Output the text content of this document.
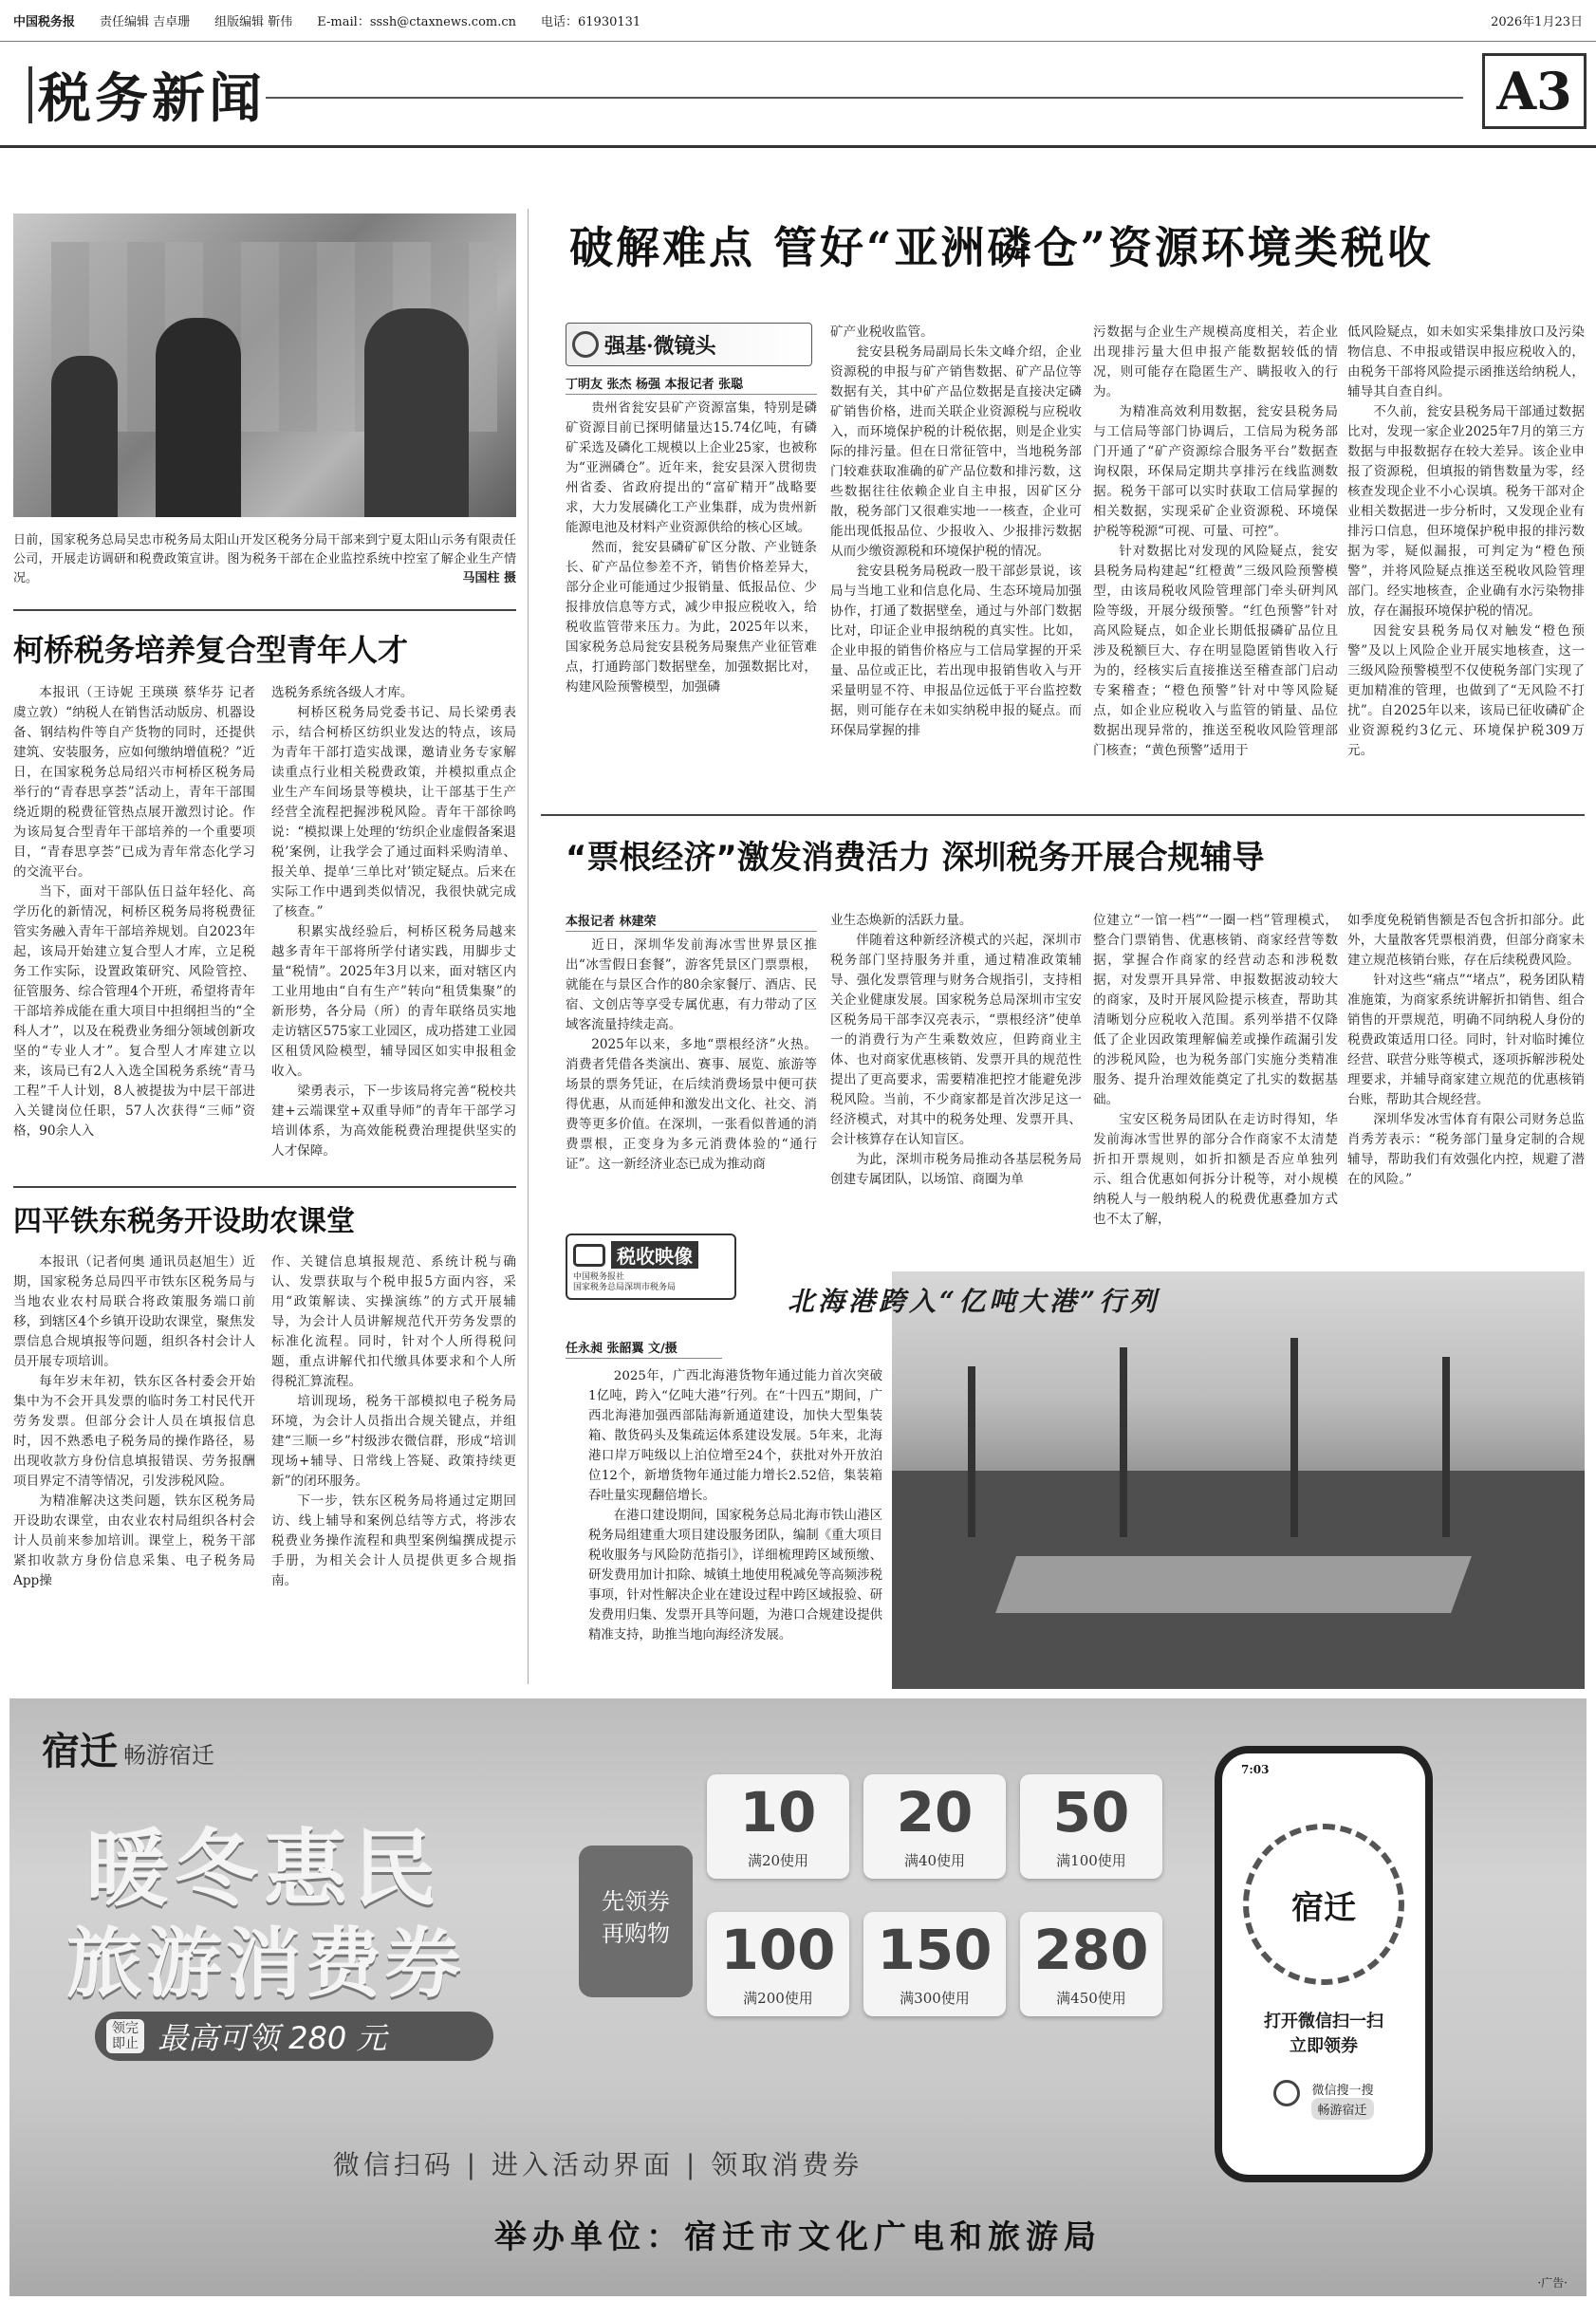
中国税务报 责任编辑 吉卓珊 组版编辑 靳伟 E-mail：sssh@ctaxnews.com.cn 电话：61930131	2026年1月23日
税务新闻	A3
日前，国家税务总局吴忠市税务局太阳山开发区税务分局干部来到宁夏太阳山示务有限责任公司，开展走访调研和税费政策宣讲。图为税务干部在企业监控系统中控室了解企业生产情况。	马国柱 摄
柯桥税务培养复合型青年人才

本报讯（王诗妮 王瑛瑛 蔡华芬 记者虞立敦）“纳税人在销售活动版房、机器设备、钢结构件等自产货物的同时，还提供建筑、安装服务，应如何缴纳增值税？”近日，在国家税务总局绍兴市柯桥区税务局举行的“青春思享荟”活动上，青年干部围绕近期的税费征管热点展开激烈讨论。作为该局复合型青年干部培养的一个重要项目，“青春思享荟”已成为青年常态化学习的交流平台。

当下，面对干部队伍日益年轻化、高学历化的新情况，柯桥区税务局将税费征管实务融入青年干部培养规划。自2023年起，该局开始建立复合型人才库，立足税务工作实际，设置政策研究、风险管控、征管服务、综合管理4个开班，希望将青年干部培养成能在重大项目中担纲担当的“全科人才”，以及在税费业务细分领域创新攻坚的“专业人才”。复合型人才库建立以来，该局已有2人入选全国税务系统“青马工程”千人计划，8人被提拔为中层干部进入关键岗位任职，57人次获得“三师”资格，90余人入

选税务系统各级人才库。

柯桥区税务局党委书记、局长梁勇表示，结合柯桥区纺织业发达的特点，该局为青年干部打造实战课，邀请业务专家解读重点行业相关税费政策，并模拟重点企业生产车间场景等模块，让干部基于生产经营全流程把握涉税风险。青年干部徐鸣说：“模拟课上处理的‘纺织企业虚假备案退税’案例，让我学会了通过面料采购清单、报关单、提单‘三单比对’锁定疑点。后来在实际工作中遇到类似情况，我很快就完成了核查。”

积累实战经验后，柯桥区税务局越来越多青年干部将所学付诸实践，用脚步丈量“税情”。2025年3月以来，面对辖区内工业用地由“自有生产”转向“租赁集聚”的新形势，各分局（所）的青年联络员实地走访辖区575家工业园区，成功搭建工业园区租赁风险模型，辅导园区如实申报租金收入。

梁勇表示，下一步该局将完善“税校共建+云端课堂+双重导师”的青年干部学习培训体系，为高效能税费治理提供坚实的人才保障。

四平铁东税务开设助农课堂

本报讯（记者何奥 通讯员赵旭生）近期，国家税务总局四平市铁东区税务局与当地农业农村局联合将政策服务端口前移，到辖区4个乡镇开设助农课堂，聚焦发票信息合规填报等问题，组织各村会计人员开展专项培训。

每年岁末年初，铁东区各村委会开始集中为不会开具发票的临时务工村民代开劳务发票。但部分会计人员在填报信息时，因不熟悉电子税务局的操作路径，易出现收款方身份信息填报错误、劳务报酬项目界定不清等情况，引发涉税风险。

为精准解决这类问题，铁东区税务局开设助农课堂，由农业农村局组织各村会计人员前来参加培训。课堂上，税务干部紧扣收款方身份信息采集、电子税务局App操

作、关键信息填报规范、系统计税与确认、发票获取与个税申报5方面内容，采用“政策解读、实操演练”的方式开展辅导，为会计人员讲解规范代开劳务发票的标准化流程。同时，针对个人所得税问题，重点讲解代扣代缴具体要求和个人所得税汇算流程。

培训现场，税务干部模拟电子税务局环境，为会计人员指出合规关键点，并组建“三顺一乡”村级涉农微信群，形成“培训现场+辅导、日常线上答疑、政策持续更新”的闭环服务。

下一步，铁东区税务局将通过定期回访、线上辅导和案例总结等方式，将涉农税费业务操作流程和典型案例编撰成提示手册，为相关会计人员提供更多合规指南。

破解难点 管好“亚洲磷仓”资源环境类税收
强基·微镜头
丁明友 张杰 杨强 本报记者 张聪

贵州省瓮安县矿产资源富集，特别是磷矿资源目前已探明储量达15.74亿吨，有磷矿采选及磷化工规模以上企业25家，也被称为“亚洲磷仓”。近年来，瓮安县深入贯彻贵州省委、省政府提出的“富矿精开”战略要求，大力发展磷化工产业集群，成为贵州新能源电池及材料产业资源供给的核心区域。

然而，瓮安县磷矿矿区分散、产业链条长、矿产品位参差不齐，销售价格差异大，部分企业可能通过少报销量、低报品位、少报排放信息等方式，减少申报应税收入，给税收监管带来压力。为此，2025年以来，国家税务总局瓮安县税务局聚焦产业征管难点，打通跨部门数据壁垒，加强数据比对，构建风险预警模型，加强磷

矿产业税收监管。

瓮安县税务局副局长朱文峰介绍，企业资源税的申报与矿产销售数据、矿产品位等数据有关，其中矿产品位数据是直接决定磷矿销售价格，进而关联企业资源税与应税收入，而环境保护税的计税依据，则是企业实际的排污量。但在日常征管中，当地税务部门较难获取准确的矿产品位数和排污数，这些数据往往依赖企业自主申报，因矿区分散，税务部门又很难实地一一核查，企业可能出现低报品位、少报收入、少报排污数据从而少缴资源税和环境保护税的情况。

瓮安县税务局税政一股干部彭景说，该局与当地工业和信息化局、生态环境局加强协作，打通了数据壁垒，通过与外部门数据比对，印证企业申报纳税的真实性。比如，企业申报的销售价格应与工信局掌握的开采量、品位或正比，若出现申报销售收入与开采量明显不符、申报品位远低于平台监控数据，则可能存在未如实纳税申报的疑点。而环保局掌握的排

污数据与企业生产规模高度相关，若企业出现排污量大但申报产能数据较低的情况，则可能存在隐匿生产、瞒报收入的行为。

为精准高效利用数据，瓮安县税务局与工信局等部门协调后，工信局为税务部门开通了“矿产资源综合服务平台”数据查询权限，环保局定期共享排污在线监测数据。税务干部可以实时获取工信局掌握的相关数据，实现采矿企业资源税、环境保护税等税源“可视、可量、可控”。

针对数据比对发现的风险疑点，瓮安县税务局构建起“红橙黄”三级风险预警模型，由该局税收风险管理部门牵头研判风险等级，开展分级预警。“红色预警”针对高风险疑点，如企业长期低报磷矿品位且涉及税额巨大、存在明显隐匿销售收入行为的，经核实后直接推送至稽查部门启动专案稽查；“橙色预警”针对中等风险疑点，如企业应税收入与监管的销量、品位数据出现异常的，推送至税收风险管理部门核查；“黄色预警”适用于

低风险疑点，如未如实采集排放口及污染物信息、不申报或错误申报应税收入的，由税务干部将风险提示函推送给纳税人，辅导其自查自纠。

不久前，瓮安县税务局干部通过数据比对，发现一家企业2025年7月的第三方数据与申报数据存在较大差异。该企业申报了资源税，但填报的销售数量为零，经核查发现企业不小心误填。税务干部对企业相关数据进一步分析时，又发现企业有排污口信息，但环境保护税申报的排污数据为零，疑似漏报，可判定为“橙色预警”，并将风险疑点推送至税收风险管理部门。经实地核查，企业确有水污染物排放，存在漏报环境保护税的情况。

因瓮安县税务局仅对触发“橙色预警”及以上风险企业开展实地核查，这一三级风险预警模型不仅使税务部门实现了更加精准的管理，也做到了“无风险不打扰”。自2025年以来，该局已征收磷矿企业资源税约3亿元、环境保护税309万元。

“票根经济”激发消费活力 深圳税务开展合规辅导
本报记者 林建荣

近日，深圳华发前海冰雪世界景区推出“冰雪假日套餐”，游客凭景区门票票根，就能在与景区合作的80余家餐厅、酒店、民宿、文创店等享受专属优惠，有力带动了区域客流量持续走高。

2025年以来，多地“票根经济”火热。消费者凭借各类演出、赛事、展览、旅游等场景的票务凭证，在后续消费场景中便可获得优惠，从而延伸和激发出文化、社交、消费等更多价值。在深圳，一张看似普通的消费票根，正变身为多元消费体验的“通行证”。这一新经济业态已成为推动商

业生态焕新的活跃力量。

伴随着这种新经济模式的兴起，深圳市税务部门坚持服务并重，通过精准政策辅导、强化发票管理与财务合规指引，支持相关企业健康发展。国家税务总局深圳市宝安区税务局干部李汉亮表示，“票根经济”使单一的消费行为产生乘数效应，但跨商业主体、也对商家优惠核销、发票开具的规范性提出了更高要求，需要精准把控才能避免涉税风险。当前，不少商家都是首次涉足这一经济模式，对其中的税务处理、发票开具、会计核算存在认知盲区。

为此，深圳市税务局推动各基层税务局创建专属团队，以场馆、商圈为单

位建立“一馆一档”“一圈一档”管理模式，整合门票销售、优惠核销、商家经营等数据，掌握合作商家的经营动态和涉税数据，对发票开具异常、申报数据波动较大的商家，及时开展风险提示核查，帮助其清晰划分应税收入范围。系列举措不仅降低了企业因政策理解偏差或操作疏漏引发的涉税风险，也为税务部门实施分类精准服务、提升治理效能奠定了扎实的数据基础。

宝安区税务局团队在走访时得知，华发前海冰雪世界的部分合作商家不太清楚折扣开票规则，如折扣额是否应单独列示、组合优惠如何拆分计税等，对小规模纳税人与一般纳税人的税费优惠叠加方式也不太了解，

如季度免税销售额是否包含折扣部分。此外，大量散客凭票根消费，但部分商家未建立规范核销台账，存在后续税费风险。

针对这些“痛点”“堵点”，税务团队精准施策，为商家系统讲解折扣销售、组合销售的开票规范，明确不同纳税人身份的税费政策适用口径。同时，针对临时摊位经营、联营分账等模式，逐项拆解涉税处理要求，并辅导商家建立规范的优惠核销台账，帮助其合规经营。

深圳华发冰雪体育有限公司财务总监肖秀芳表示：“税务部门量身定制的合规辅导，帮助我们有效强化内控，规避了潜在的风险。”

税收映像
中国税务报社
国家税务总局深圳市税务局
任永昶 张韶翼 文/摄
北海港跨入“亿吨大港”行列

2025年，广西北海港货物年通过能力首次突破1亿吨，跨入“亿吨大港”行列。在“十四五”期间，广西北海港加强西部陆海新通道建设，加快大型集装箱、散货码头及集疏运体系建设发展。5年来，北海港口岸万吨级以上泊位增至24个，获批对外开放泊位12个，新增货物年通过能力增长2.52倍，集装箱吞吐量实现翻倍增长。

在港口建设期间，国家税务总局北海市铁山港区税务局组建重大项目建设服务团队，编制《重大项目税收服务与风险防范指引》，详细梳理跨区域预缴、研发费用加计扣除、城镇土地使用税减免等高频涉税事项，针对性解决企业在建设过程中跨区域报验、研发费用归集、发票开具等问题，为港口合规建设提供精准支持，助推当地向海经济发展。

宿迁 畅游宿迁
暖冬惠民
旅游消费券
领完即止 最高可领 280 元
先领券
再购物
10
满20使用
20
满40使用
50
满100使用
100
满200使用
150
满300使用
280
满450使用
7:03
宿迁
打开微信扫一扫
立即领券
微信搜一搜
畅游宿迁
微信扫码 | 进入活动界面 | 领取消费券
举办单位：宿迁市文化广电和旅游局
·广告·
